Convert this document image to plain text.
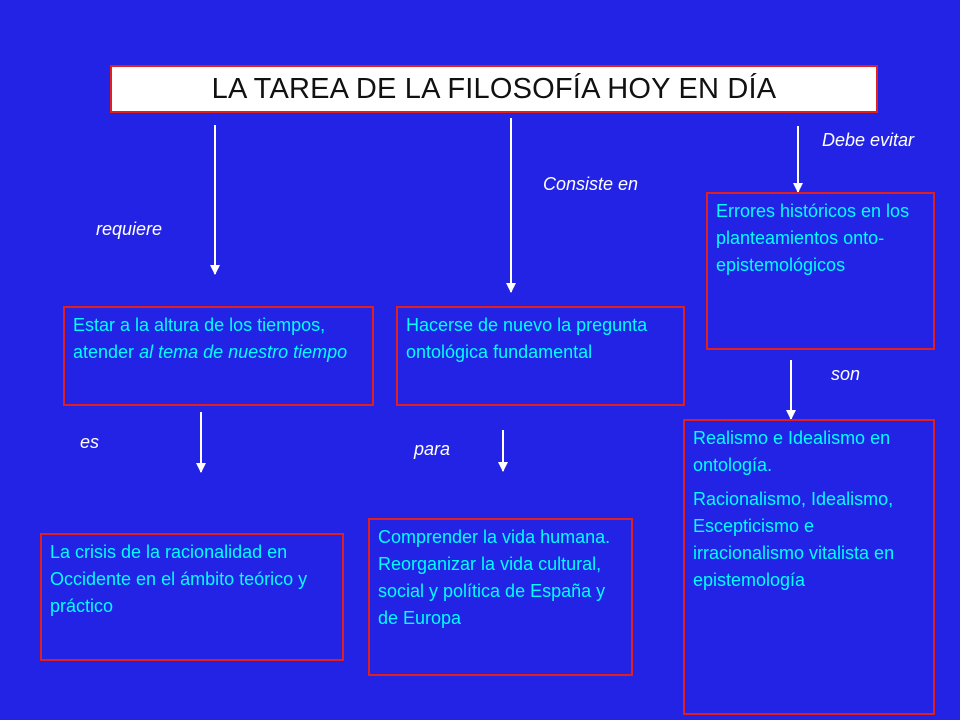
LA TAREA DE LA FILOSOFÍA HOY EN DÍA
requiere
Consiste en
Debe evitar
es	para
son
Estar a la altura de los tiempos, atender al tema de nuestro tiempo
Hacerse de nuevo la pregunta ontológica fundamental
Errores históricos en los planteamientos onto-epistemológicos
La crisis de la racionalidad en Occidente en el ámbito teórico y práctico
Comprender la vida humana. Reorganizar la vida cultural, social y política de España y de Europa

Realismo e Idealismo en ontología.

Racionalismo, Idealismo, Escepticismo e irracionalismo vitalista en epistemología
